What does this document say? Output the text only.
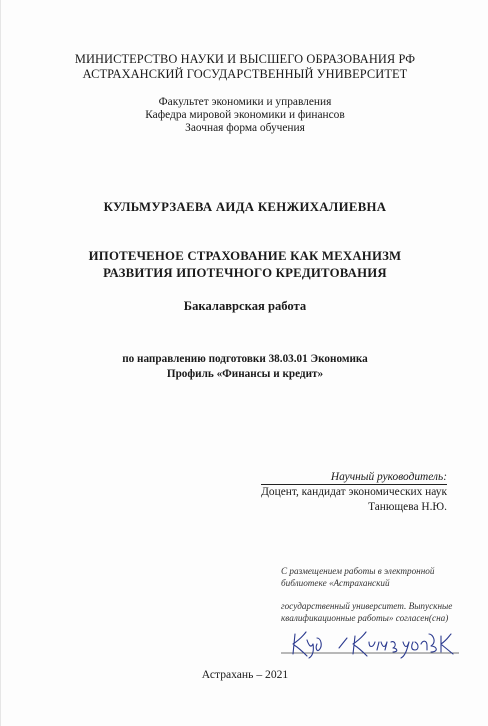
МИНИСТЕРСТВО НАУКИ И ВЫСШЕГО ОБРАЗОВАНИЯ РФ
АСТРАХАНСКИЙ ГОСУДАРСТВЕННЫЙ УНИВЕРСИТЕТ
Факультет экономики и управления
Кафедра мировой экономики и финансов
Заочная форма обучения
КУЛЬМУРЗАЕВА АИДА КЕНЖИХАЛИЕВНА
ИПОТЕЧЕНОЕ СТРАХОВАНИЕ КАК МЕХАНИЗМ
РАЗВИТИЯ ИПОТЕЧНОГО КРЕДИТОВАНИЯ
Бакалаврская работа
по направлению подготовки 38.03.01 Экономика
Профиль «Финансы и кредит»
Научный руководитель:
Доцент, кандидат экономических наук
Танющева Н.Ю.
С размещением работы в электронной
библиотеке «Астраханский
государственный университет. Выпускные
квалификационные работы» согласен(сна)
Астрахань – 2021
